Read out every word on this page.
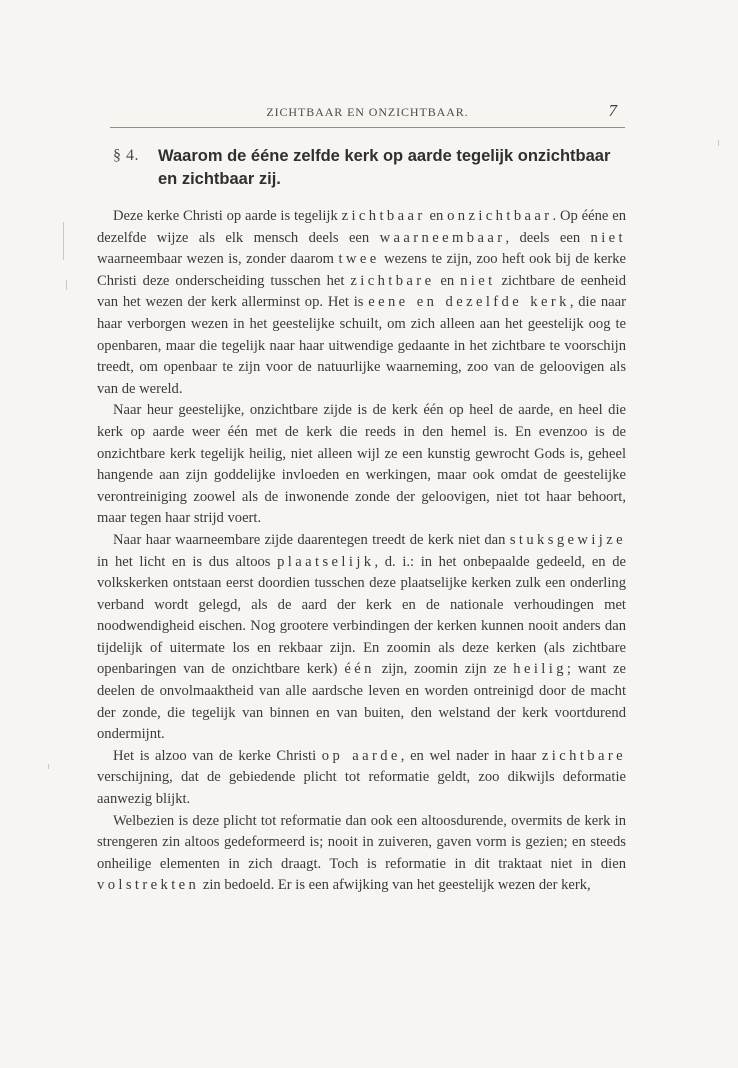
ZICHTBAAR EN ONZICHTBAAR.	7
§ 4. Waarom de ééne zelfde kerk op aarde tegelijk onzichtbaar en zichtbaar zij.

Deze kerke Christi op aarde is tegelijk zichtbaar en onzichtbaar. Op ééne en dezelfde wijze als elk mensch deels een waarneembaar, deels een niet waarneembaar wezen is, zonder daarom twee wezens te zijn, zoo heft ook bij de kerke Christi deze onderscheiding tusschen het zichtbare en niet zichtbare de eenheid van het wezen der kerk allerminst op. Het is eene en dezelfde kerk, die naar haar verborgen wezen in het geestelijke schuilt, om zich alleen aan het geestelijk oog te openbaren, maar die tegelijk naar haar uitwendige gedaante in het zichtbare te voorschijn treedt, om openbaar te zijn voor de natuurlijke waarneming, zoo van de geloovigen als van de wereld.

Naar heur geestelijke, onzichtbare zijde is de kerk één op heel de aarde, en heel die kerk op aarde weer één met de kerk die reeds in den hemel is. En evenzoo is de onzichtbare kerk tegelijk heilig, niet alleen wijl ze een kunstig gewrocht Gods is, geheel hangende aan zijn goddelijke invloeden en werkingen, maar ook omdat de geestelijke verontreiniging zoowel als de inwonende zonde der geloovigen, niet tot haar behoort, maar tegen haar strijd voert.

Naar haar waarneembare zijde daarentegen treedt de kerk niet dan stuksgewijze in het licht en is dus altoos plaatselijk, d. i.: in het onbepaalde gedeeld, en de volkskerken ontstaan eerst doordien tusschen deze plaatselijke kerken zulk een onderling verband wordt gelegd, als de aard der kerk en de nationale verhoudingen met noodwendigheid eischen. Nog grootere verbindingen der kerken kunnen nooit anders dan tijdelijk of uitermate los en rekbaar zijn. En zoomin als deze kerken (als zichtbare openbaringen van de onzichtbare kerk) één zijn, zoomin zijn ze heilig; want ze deelen de onvolmaaktheid van alle aardsche leven en worden ontreinigd door de macht der zonde, die tegelijk van binnen en van buiten, den welstand der kerk voortdurend ondermijnt.

Het is alzoo van de kerke Christi op aarde, en wel nader in haar zichtbare verschijning, dat de gebiedende plicht tot reformatie geldt, zoo dikwijls deformatie aanwezig blijkt.

Welbezien is deze plicht tot reformatie dan ook een altoosdurende, overmits de kerk in strengeren zin altoos gedeformeerd is; nooit in zuiveren, gaven vorm is gezien; en steeds onheilige elementen in zich draagt. Toch is reformatie in dit traktaat niet in dien volstrekten zin bedoeld. Er is een afwijking van het geestelijk wezen der kerk,
